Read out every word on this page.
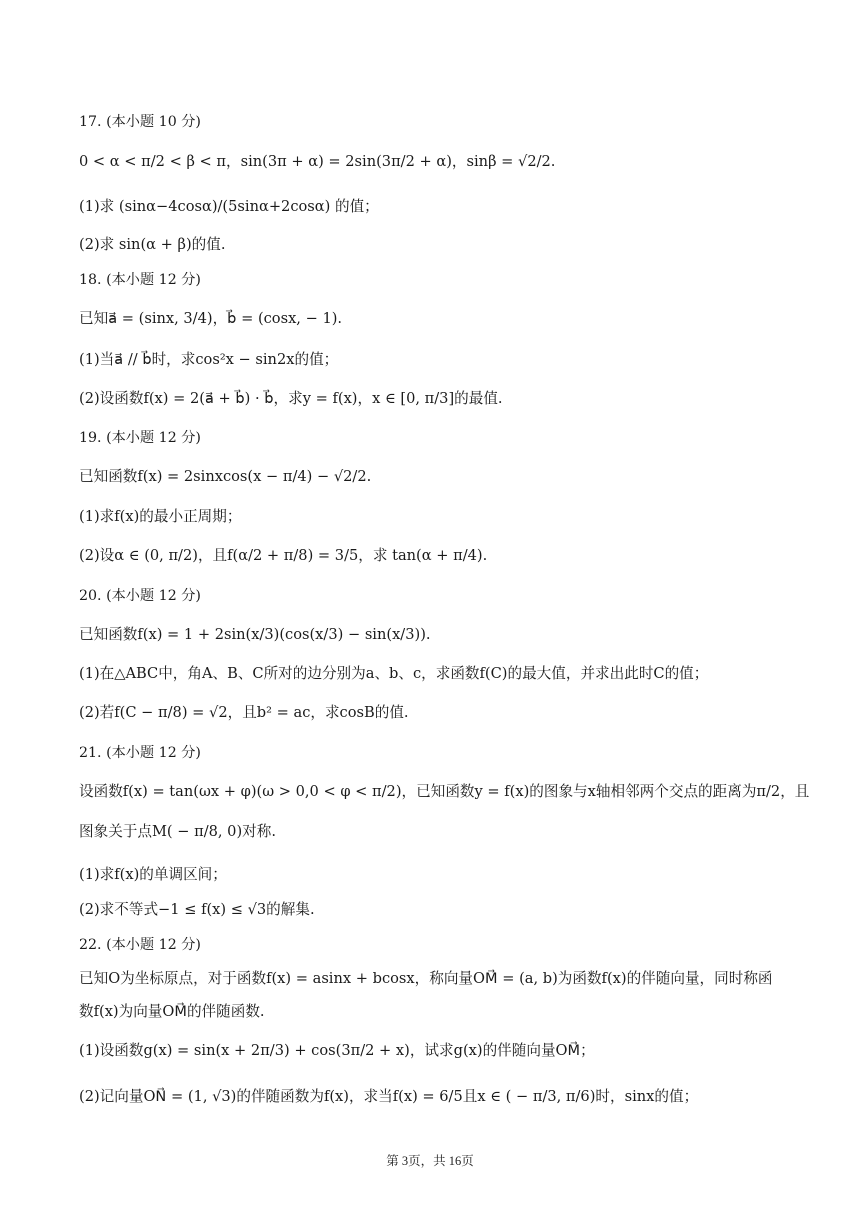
17. (本小题 10 分)
0 < α < π/2 < β < π，sin(3π + α) = 2sin(3π/2 + α)，sinβ = √2/2.
(1)求 (sinα−4cosα)/(5sinα+2cosα) 的值；
(2)求 sin(α + β)的值.
18. (本小题 12 分)
已知a⃗ = (sinx, 3/4)，b⃗ = (cosx, − 1).
(1)当a⃗ // b⃗时，求cos²x − sin2x的值；
(2)设函数f(x) = 2(a⃗ + b⃗) · b⃗，求y = f(x)，x ∈ [0, π/3]的最值.
19. (本小题 12 分)
已知函数f(x) = 2sinxcos(x − π/4) − √2/2.
(1)求f(x)的最小正周期；
(2)设α ∈ (0, π/2)，且f(α/2 + π/8) = 3/5，求 tan(α + π/4).
20. (本小题 12 分)
已知函数f(x) = 1 + 2sin(x/3)(cos(x/3) − sin(x/3)).
(1)在△ABC中，角A、B、C所对的边分别为a、b、c，求函数f(C)的最大值，并求出此时C的值；
(2)若f(C − π/8) = √2，且b² = ac，求cosB的值.
21. (本小题 12 分)
设函数f(x) = tan(ωx + φ)(ω > 0,0 < φ < π/2)，已知函数y = f(x)的图象与x轴相邻两个交点的距离为π/2，且
图象关于点M( − π/8, 0)对称.
(1)求f(x)的单调区间；
(2)求不等式−1 ≤ f(x) ≤ √3的解集.
22. (本小题 12 分)
已知O为坐标原点，对于函数f(x) = asinx + bcosx，称向量OM⃗ = (a, b)为函数f(x)的伴随向量，同时称函
数f(x)为向量OM⃗的伴随函数.
(1)设函数g(x) = sin(x + 2π/3) + cos(3π/2 + x)，试求g(x)的伴随向量OM⃗；
(2)记向量ON⃗ = (1, √3)的伴随函数为f(x)，求当f(x) = 6/5且x ∈ ( − π/3, π/6)时，sinx的值；
第 3页，共 16页
